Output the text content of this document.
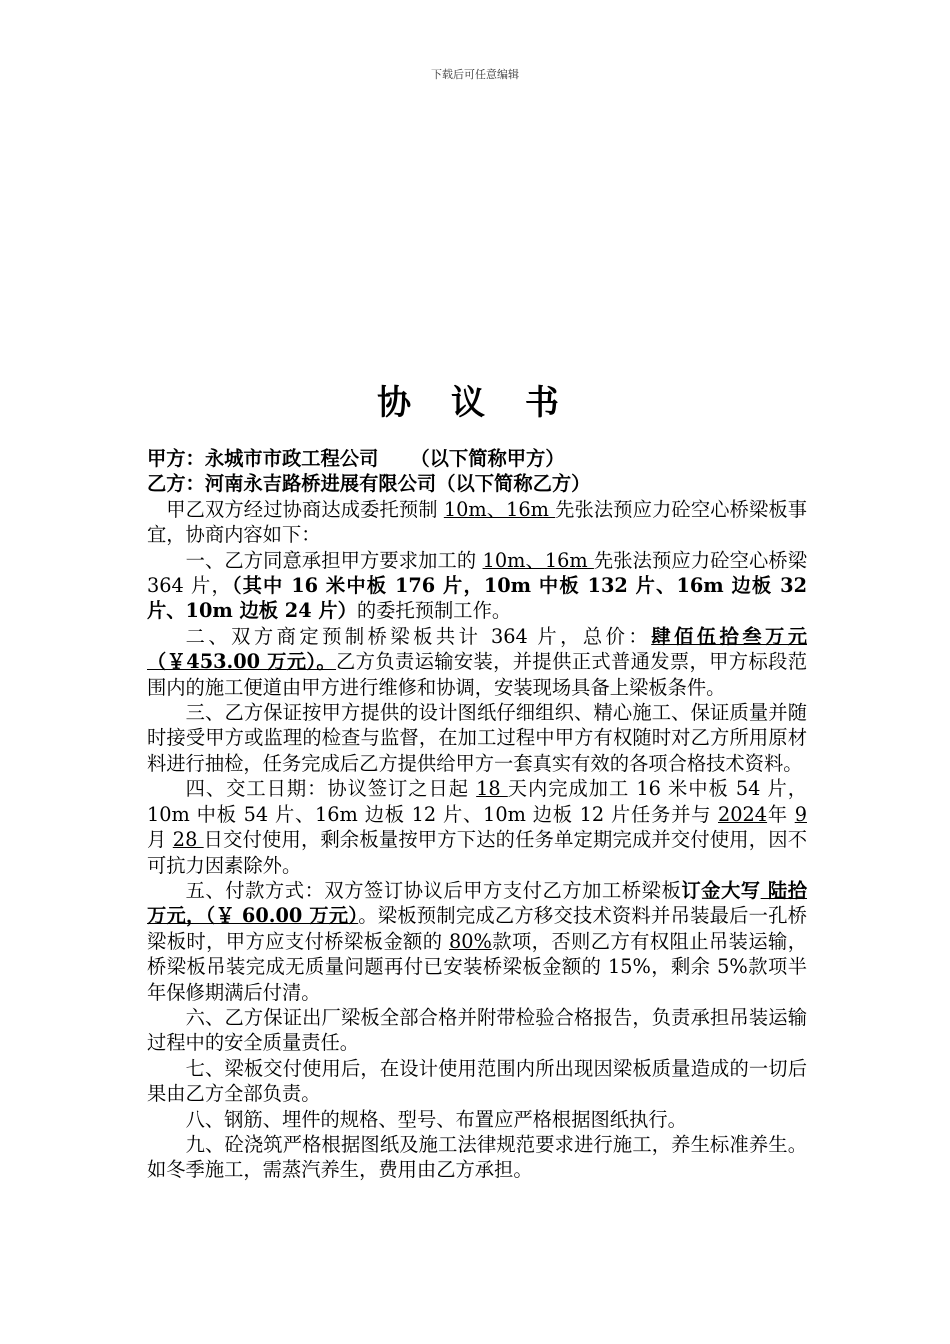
下载后可任意编辑
协 议 书

甲方：永城市市政工程公司 （以下简称甲方）

乙方：河南永吉路桥进展有限公司（以下简称乙方）

甲乙双方经过协商达成委托预制 10m、16m 先张法预应力砼空心桥梁板事宜，协商内容如下：

一、乙方同意承担甲方要求加工的 10m、16m 先张法预应力砼空心桥梁 364 片，（其中 16 米中板 176 片，10m 中板 132 片、16m 边板 32 片、10m 边板 24 片）的委托预制工作。

二、双方商定预制桥梁板共计 364 片，总价：肆佰伍拾叁万元（￥453.00 万元）。乙方负责运输安装，并提供正式普通发票，甲方标段范围内的施工便道由甲方进行维修和协调，安装现场具备上梁板条件。

三、乙方保证按甲方提供的设计图纸仔细组织、精心施工、保证质量并随时接受甲方或监理的检查与监督，在加工过程中甲方有权随时对乙方所用原材料进行抽检，任务完成后乙方提供给甲方一套真实有效的各项合格技术资料。

四、交工日期：协议签订之日起 18 天内完成加工 16 米中板 54 片，10m 中板 54 片、16m 边板 12 片、10m 边板 12 片任务并与 2024年 9 月 28 日交付使用，剩余板量按甲方下达的任务单定期完成并交付使用，因不可抗力因素除外。

五、付款方式：双方签订协议后甲方支付乙方加工桥梁板订金大写 陆拾万元，（￥ 60.00 万元）。梁板预制完成乙方移交技术资料并吊装最后一孔桥梁板时，甲方应支付桥梁板金额的 80%款项，否则乙方有权阻止吊装运输，桥梁板吊装完成无质量问题再付已安装桥梁板金额的 15%，剩余 5%款项半年保修期满后付清。

六、乙方保证出厂梁板全部合格并附带检验合格报告，负责承担吊装运输过程中的安全质量责任。

七、梁板交付使用后，在设计使用范围内所出现因梁板质量造成的一切后果由乙方全部负责。

八、钢筋、埋件的规格、型号、布置应严格根据图纸执行。

九、砼浇筑严格根据图纸及施工法律规范要求进行施工，养生标准养生。如冬季施工，需蒸汽养生，费用由乙方承担。
